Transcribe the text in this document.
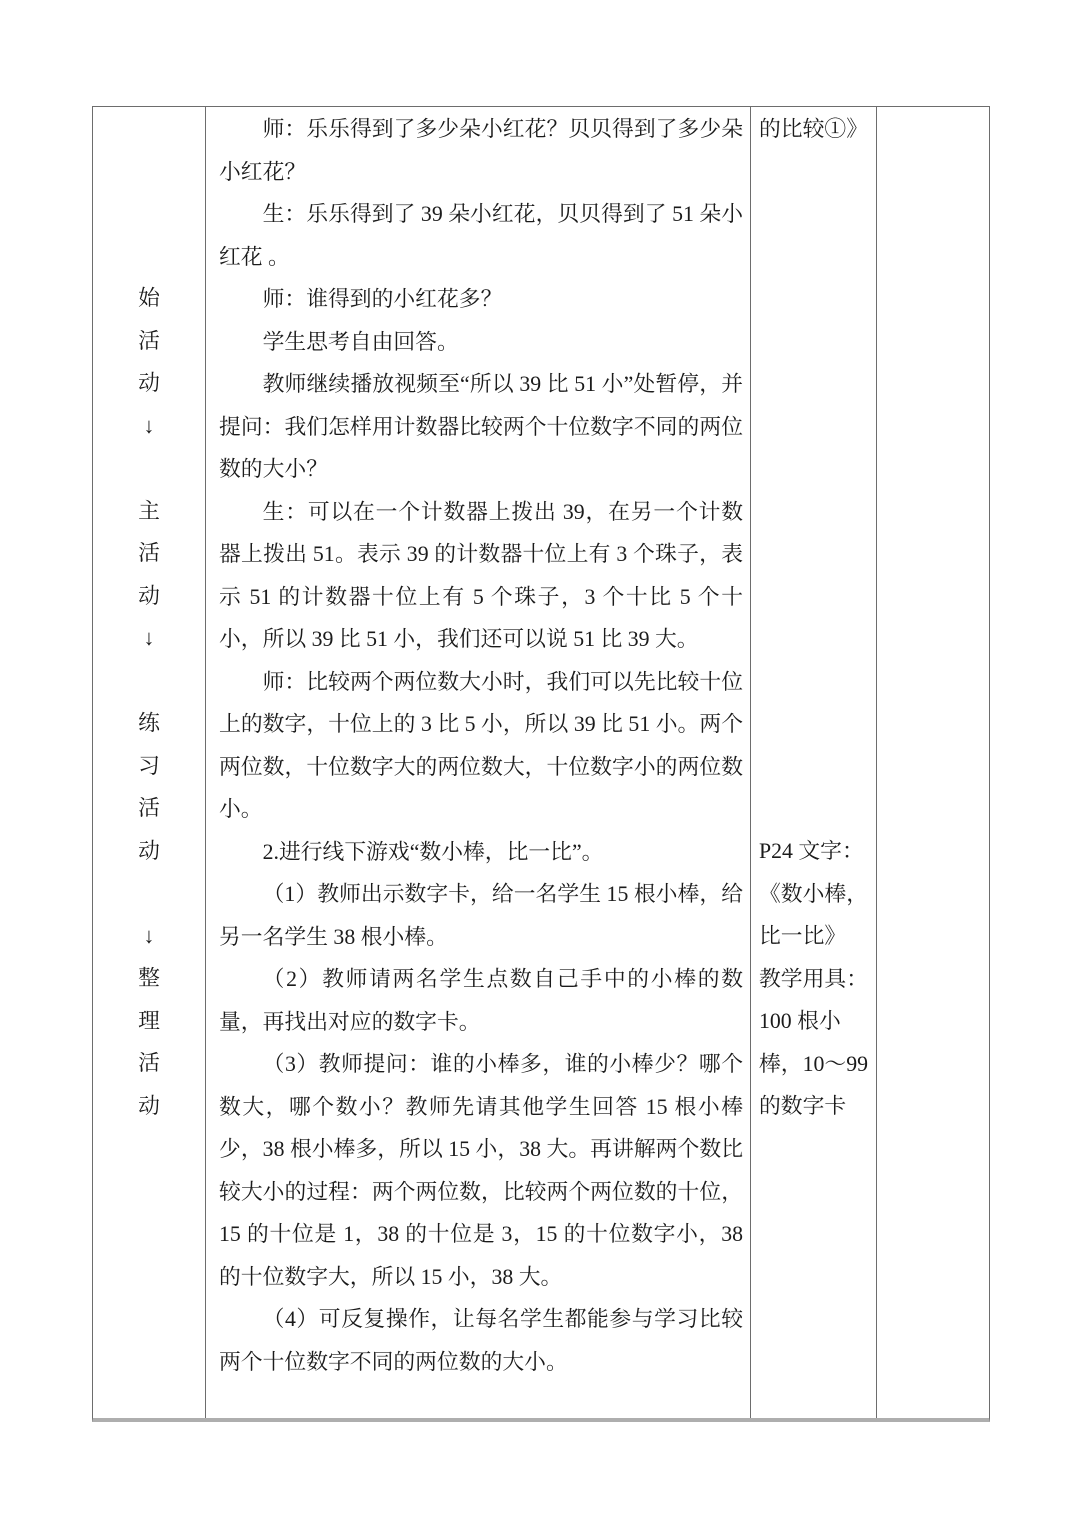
始
活
动
↓

主
活
动
↓

练
习
活
动

↓
整
理
活
动
师：乐乐得到了多少朵小红花？贝贝得到了多少朵小红花？
生：乐乐得到了 39 朵小红花，贝贝得到了 51 朵小红花 。
师：谁得到的小红花多？
学生思考自由回答。
教师继续播放视频至“所以 39 比 51 小”处暂停，并提问：我们怎样用计数器比较两个十位数字不同的两位数的大小？
生：可以在一个计数器上拨出 39，在另一个计数器上拨出 51。表示 39 的计数器十位上有 3 个珠子，表示 51 的计数器十位上有 5 个珠子，3 个十比 5 个十小，所以 39 比 51 小，我们还可以说 51 比 39 大。
师：比较两个两位数大小时，我们可以先比较十位上的数字，十位上的 3 比 5 小，所以 39 比 51 小。两个两位数，十位数字大的两位数大，十位数字小的两位数小。
2.进行线下游戏“数小棒，比一比”。
（1）教师出示数字卡，给一名学生 15 根小棒，给另一名学生 38 根小棒。
（2）教师请两名学生点数自己手中的小棒的数量，再找出对应的数字卡。
（3）教师提问：谁的小棒多，谁的小棒少？哪个数大，哪个数小？教师先请其他学生回答 15 根小棒少，38 根小棒多，所以 15 小，38 大。再讲解两个数比较大小的过程：两个两位数，比较两个两位数的十位，15 的十位是 1，38 的十位是 3，15 的十位数字小，38 的十位数字大，所以 15 小，38 大。
（4）可反复操作，让每名学生都能参与学习比较两个十位数字不同的两位数的大小。
的比较①》
P24 文字：
《数小棒，
比一比》
教学用具：
100 根小
棒，10～99
的数字卡
